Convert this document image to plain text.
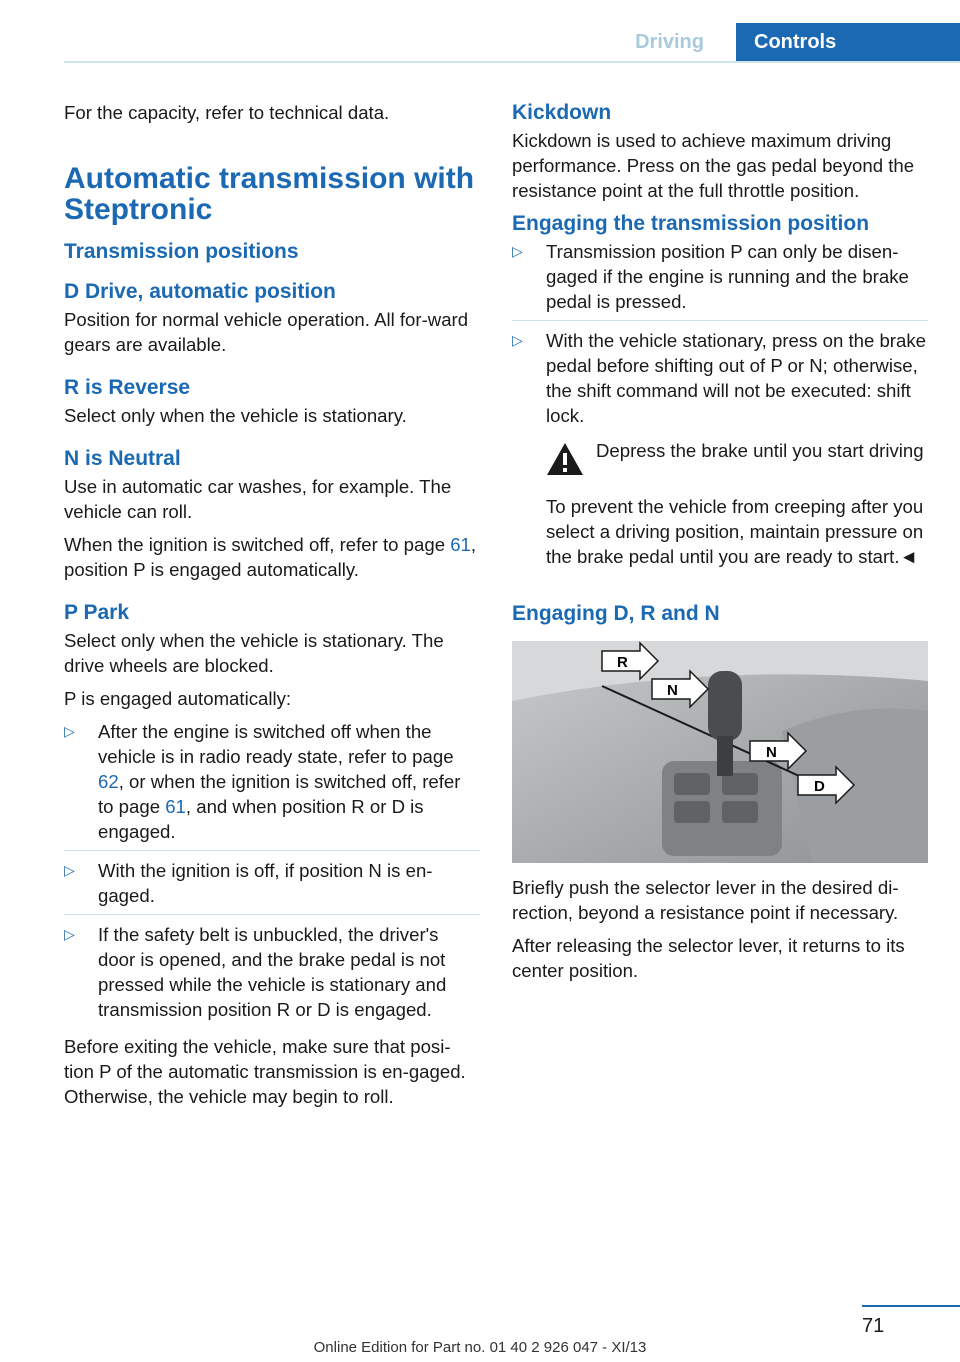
Driving	Controls

For the capacity, refer to technical data.

Automatic transmission with Steptronic
Transmission positions
D Drive, automatic position

Position for normal vehicle operation. All for-ward gears are available.

R is Reverse

Select only when the vehicle is stationary.

N is Neutral

Use in automatic car washes, for example. The vehicle can roll.

When the ignition is switched off, refer to page 61, position P is engaged automatically.

P Park

Select only when the vehicle is stationary. The drive wheels are blocked.

P is engaged automatically:

▷ After the engine is switched off when the vehicle is in radio ready state, refer to page 62, or when the ignition is switched off, refer to page 61, and when position R or D is engaged.
▷ With the ignition is off, if position N is en-gaged.
▷ If the safety belt is unbuckled, the driver's door is opened, and the brake pedal is not pressed while the vehicle is stationary and transmission position R or D is engaged.

Before exiting the vehicle, make sure that posi-tion P of the automatic transmission is en-gaged. Otherwise, the vehicle may begin to roll.

Kickdown

Kickdown is used to achieve maximum driving performance. Press on the gas pedal beyond the resistance point at the full throttle position.

Engaging the transmission position
▷ Transmission position P can only be disen-gaged if the engine is running and the brake pedal is pressed.
▷ With the vehicle stationary, press on the brake pedal before shifting out of P or N; otherwise, the shift command will not be executed: shift lock.
Depress the brake until you start driving

To prevent the vehicle from creeping after you select a driving position, maintain pressure on the brake pedal until you are ready to start.◄

Engaging D, R and N
R
N
N
D

Briefly push the selector lever in the desired di-rection, beyond a resistance point if necessary.

After releasing the selector lever, it returns to its center position.

71
Online Edition for Part no. 01 40 2 926 047 - XI/13
